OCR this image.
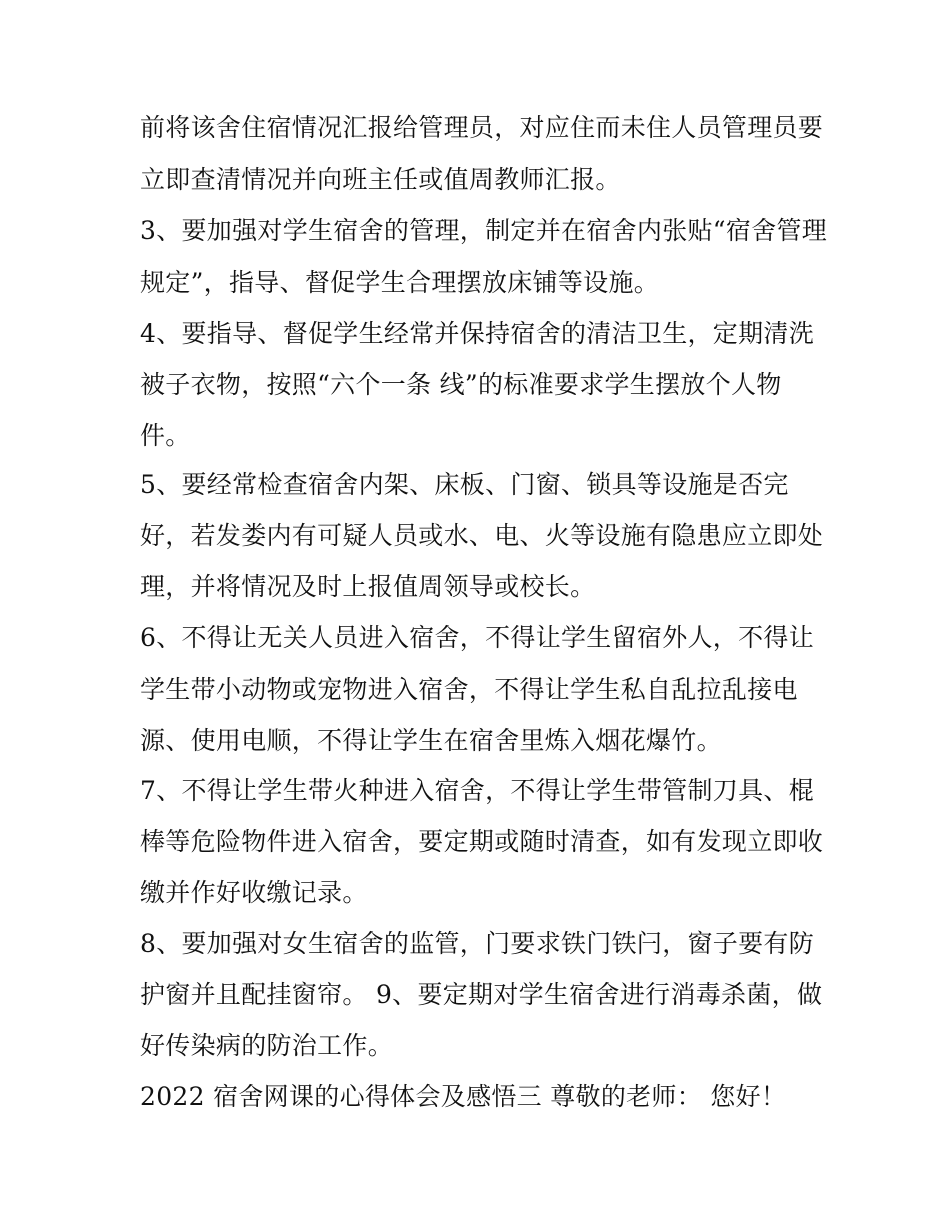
前将该舍住宿情况汇报给管理员，对应住而未住人员管理员要
立即查清情况并向班主任或值周教师汇报。
3、要加强对学生宿舍的管理，制定并在宿舍内张贴“宿舍管理
规定”，指导、督促学生合理摆放床铺等设施。
4、要指导、督促学生经常并保持宿舍的清洁卫生，定期清洗
被子衣物，按照“六个一条 线”的标准要求学生摆放个人物
件。
5、要经常检查宿舍内架、床板、门窗、锁具等设施是否完
好，若发娄内有可疑人员或水、电、火等设施有隐患应立即处
理，并将情况及时上报值周领导或校长。
6、不得让无关人员进入宿舍，不得让学生留宿外人，不得让
学生带小动物或宠物进入宿舍，不得让学生私自乱拉乱接电
源、使用电顺，不得让学生在宿舍里炼入烟花爆竹。
7、不得让学生带火种进入宿舍，不得让学生带管制刀具、棍
棒等危险物件进入宿舍，要定期或随时清查，如有发现立即收
缴并作好收缴记录。
8、要加强对女生宿舍的监管，门要求铁门铁闩，窗子要有防
护窗并且配挂窗帘。 9、要定期对学生宿舍进行消毒杀菌，做
好传染病的防治工作。
2022 宿舍网课的心得体会及感悟三 尊敬的老师： 您好！
